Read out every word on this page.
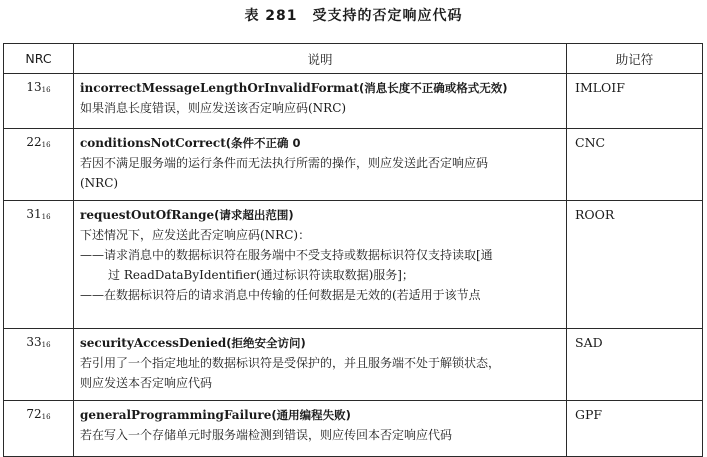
表 281　受支持的否定响应代码
NRC	说明	助记符
$13_{16}$	incorrectMessageLengthOrInvalidFormat(消息长度不正确或格式无效)
如果消息长度错误，则应发送该否定响应码(NRC)	IMLOIF
$22_{16}$	conditionsNotCorrect(条件不正确 0
若因不满足服务端的运行条件而无法执行所需的操作，则应发送此否定响应码
(NRC)	CNC
$31_{16}$	requestOutOfRange(请求超出范围)
下述情况下，应发送此否定响应码(NRC)：
——请求消息中的数据标识符在服务端中不受支持或数据标识符仅支持读取[通
过 ReadDataByIdentifier(通过标识符读取数据)服务]；
——在数据标识符后的请求消息中传输的任何数据是无效的(若适用于该节点	ROOR
$33_{16}$	securityAccessDenied(拒绝安全访问)
若引用了一个指定地址的数据标识符是受保护的，并且服务端不处于解锁状态，
则应发送本否定响应代码	SAD
$72_{16}$	generalProgrammingFailure(通用编程失败)
若在写入一个存储单元时服务端检测到错误，则应传回本否定响应代码	GPF
